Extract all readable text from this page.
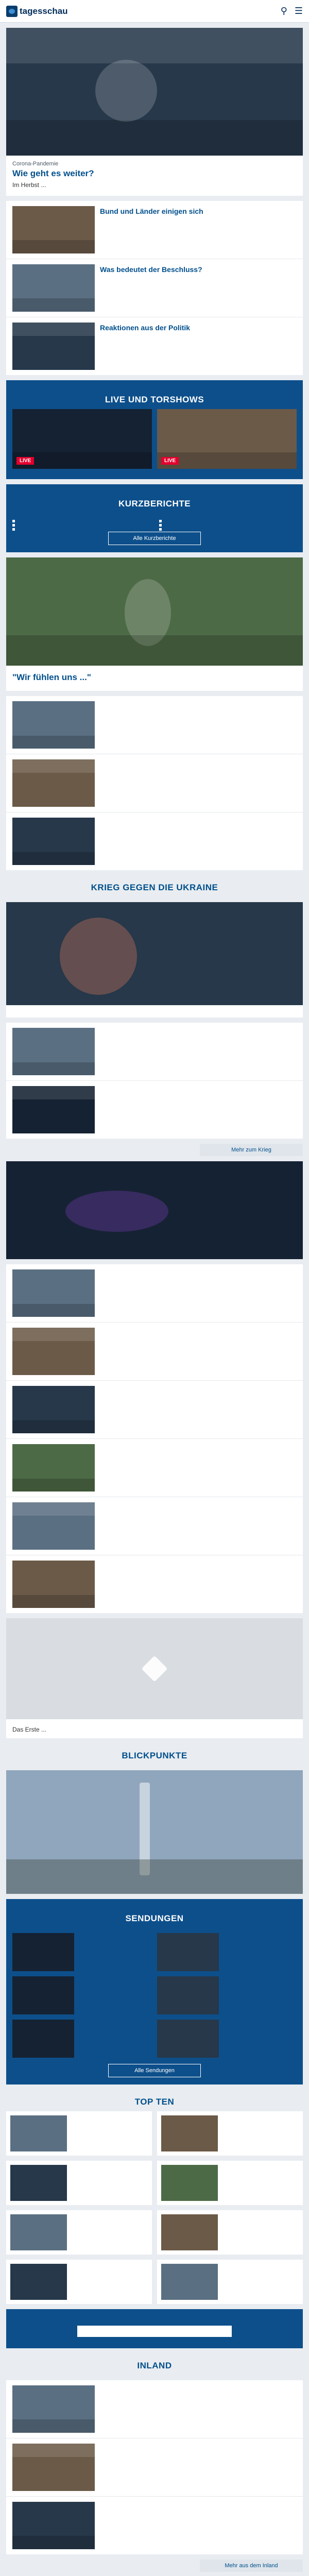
tagesschau	⚲ ☰
Corona-Pandemie
Wie geht es weiter?
Im Herbst ...
Bund und Länder einigen sich
Was bedeutet der Beschluss?
Reaktionen aus der Politik
LIVE UND TORSHOWS
LIVE	LIVE
KURZBERICHTE
Alle Kurzberichte
"Wir fühlen uns ..."
KRIEG GEGEN DIE UKRAINE
Mehr zum Krieg
Das Erste ...
BLICKPUNKTE
SENDUNGEN
Alle Sendungen
TOP TEN
INLAND
Mehr aus dem Inland
